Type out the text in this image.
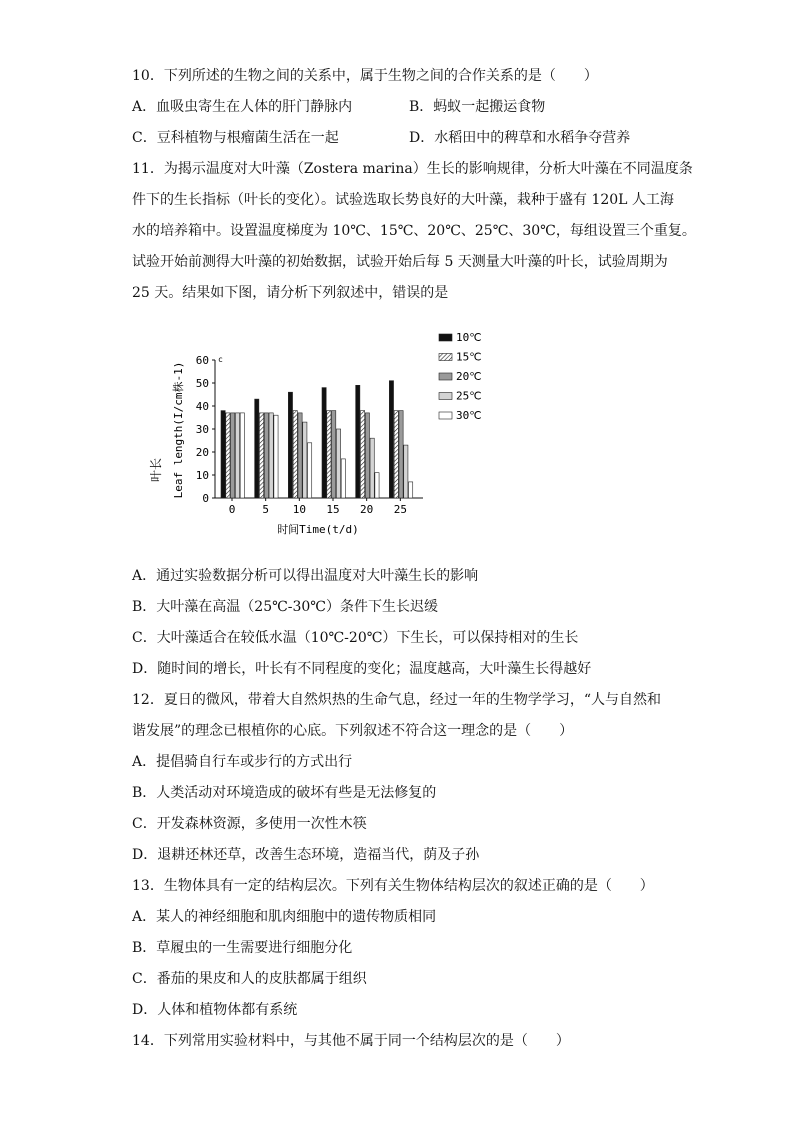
10．下列所述的生物之间的关系中，属于生物之间的合作关系的是（　　）
A．血吸虫寄生在人体的肝门静脉内	B．蚂蚁一起搬运食物
C．豆科植物与根瘤菌生活在一起	D．水稻田中的稗草和水稻争夺营养
11．为揭示温度对大叶藻（Zostera marina）生长的影响规律，分析大叶藻在不同温度条
件下的生长指标（叶长的变化）。试验选取长势良好的大叶藻，栽种于盛有 120L 人工海
水的培养箱中。设置温度梯度为 10℃、15℃、20℃、25℃、30℃，每组设置三个重复。
试验开始前测得大叶藻的初始数据，试验开始后每 5 天测量大叶藻的叶长，试验周期为
25 天。结果如下图，请分析下列叙述中，错误的是
0
10
20
30
40
50
60
0 5 10 15 20 25
10℃
15℃
20℃
25℃
30℃
Leaf length(I/cm株-1)
叶长
时间Time(t/d)
c
A．通过实验数据分析可以得出温度对大叶藻生长的影响
B．大叶藻在高温（25℃-30℃）条件下生长迟缓
C．大叶藻适合在较低水温（10℃-20℃）下生长，可以保持相对的生长
D．随时间的增长，叶长有不同程度的变化；温度越高，大叶藻生长得越好
12．夏日的微风，带着大自然炽热的生命气息，经过一年的生物学学习，“人与自然和
谐发展”的理念已根植你的心底。下列叙述不符合这一理念的是（　　）
A．提倡骑自行车或步行的方式出行
B．人类活动对环境造成的破坏有些是无法修复的
C．开发森林资源，多使用一次性木筷
D．退耕还林还草，改善生态环境，造福当代，荫及子孙
13．生物体具有一定的结构层次。下列有关生物体结构层次的叙述正确的是（　　）
A．某人的神经细胞和肌肉细胞中的遗传物质相同
B．草履虫的一生需要进行细胞分化
C．番茄的果皮和人的皮肤都属于组织
D．人体和植物体都有系统
14．下列常用实验材料中，与其他不属于同一个结构层次的是（　　）
